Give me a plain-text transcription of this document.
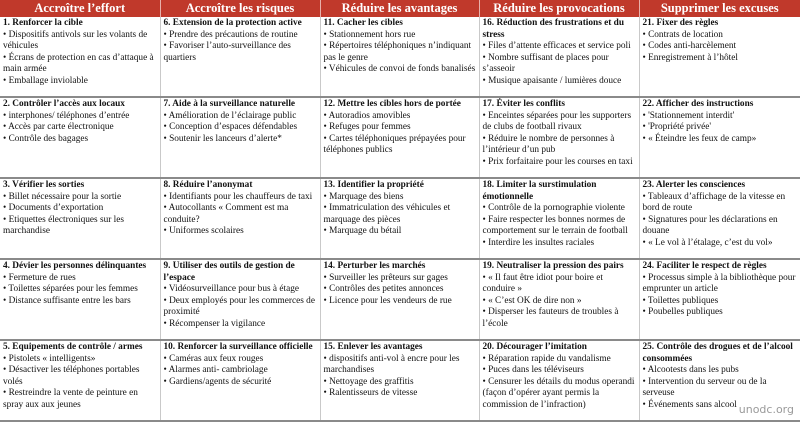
Accroître l’effort	Accroître les risques	Réduire les avantages	Réduire les provocations	Supprimer les excuses

1. Renforcer la cible
• Dispositifs antivols sur les volants de véhicules
• Écrans de protection en cas d’attaque à main armée
• Emballage inviolable	6. Extension de la protection active
• Prendre des précautions de routine
• Favoriser l’auto-surveillance des quartiers	11. Cacher les cibles
• Stationnement hors rue
• Répertoires téléphoniques n’indiquant pas le genre
• Véhicules de convoi de fonds banalisés	16. Réduction des frustrations et du stress
• Files d’attente efficaces et service poli
• Nombre suffisant de places pour s’asseoir
• Musique apaisante / lumières douce	21. Fixer des règles
• Contrats de location
• Codes anti-harcèlement
• Enregistrement à l’hôtel

2. Contrôler l’accès aux locaux
• interphones/ téléphones d’entrée
• Accès par carte électronique
• Contrôle des bagages	7. Aide à la surveillance naturelle
• Amélioration de l’éclairage public
• Conception d’espaces défendables
• Soutenir les lanceurs d’alerte*	12. Mettre les cibles hors de portée
• Autoradios amovibles
• Refuges pour femmes
• Cartes téléphoniques prépayées pour téléphones publics	17. Éviter les conflits
• Enceintes séparées pour les supporters de clubs de football rivaux
• Réduire le nombre de personnes à l’intérieur d’un pub
• Prix forfaitaire pour les courses en taxi	22. Afficher des instructions
• 'Stationnement interdit'
• 'Propriété privée'
• « Éteindre les feux de camp»

3. Vérifier les sorties
• Billet nécessaire pour la sortie
• Documents d’exportation
• Etiquettes électroniques sur les marchandise	8. Réduire l’anonymat
• Identifiants pour les chauffeurs de taxi
• Autocollants « Comment est ma conduite?
• Uniformes scolaires	13. Identifier la propriété
• Marquage des biens
• Immatriculation des véhicules et marquage des pièces
• Marquage du bétail	18. Limiter la surstimulation émotionnelle
• Contrôle de la pornographie violente
• Faire respecter les bonnes normes de comportement sur le terrain de football
• Interdire les insultes raciales	23. Alerter les consciences
• Tableaux d’affichage de la vitesse en bord de route
• Signatures pour les déclarations en douane
• « Le vol à l’étalage, c’est du vol»

4. Dévier les personnes délinquantes
• Fermeture de rues
• Toilettes séparées pour les femmes
• Distance suffisante entre les bars	9. Utiliser des outils de gestion de l’espace
• Vidéosurveillance pour bus à étage
• Deux employés pour les commerces de proximité
• Récompenser la vigilance	14. Perturber les marchés
• Surveiller les prêteurs sur gages
• Contrôles des petites annonces
• Licence pour les vendeurs de rue	19. Neutraliser la pression des pairs
• « Il faut être idiot pour boire et conduire »
• « C’est OK de dire non »
• Disperser les fauteurs de troubles à l’école	24. Faciliter le respect de règles
• Processus simple à la bibliothèque pour emprunter un article
• Toilettes publiques
• Poubelles publiques

5. Equipements de contrôle / armes
• Pistolets « intelligents»
• Désactiver les téléphones portables volés
• Restreindre la vente de peinture en spray aux aux jeunes	10. Renforcer la surveillance officielle
• Caméras aux feux rouges
• Alarmes anti- cambriolage
• Gardiens/agents de sécurité	15. Enlever les avantages
• dispositifs anti-vol à encre pour les marchandises
• Nettoyage des graffitis
• Ralentisseurs de vitesse	20. Décourager l’imitation
• Réparation rapide du vandalisme
• Puces dans les téléviseurs
• Censurer les détails du modus operandi (façon d’opérer ayant permis la commission de l’infraction)	25. Contrôle des drogues et de l’alcool consommées
• Alcootests dans les pubs
• Intervention du serveur ou de la serveuse
• Événements sans alcool
unodc.org
